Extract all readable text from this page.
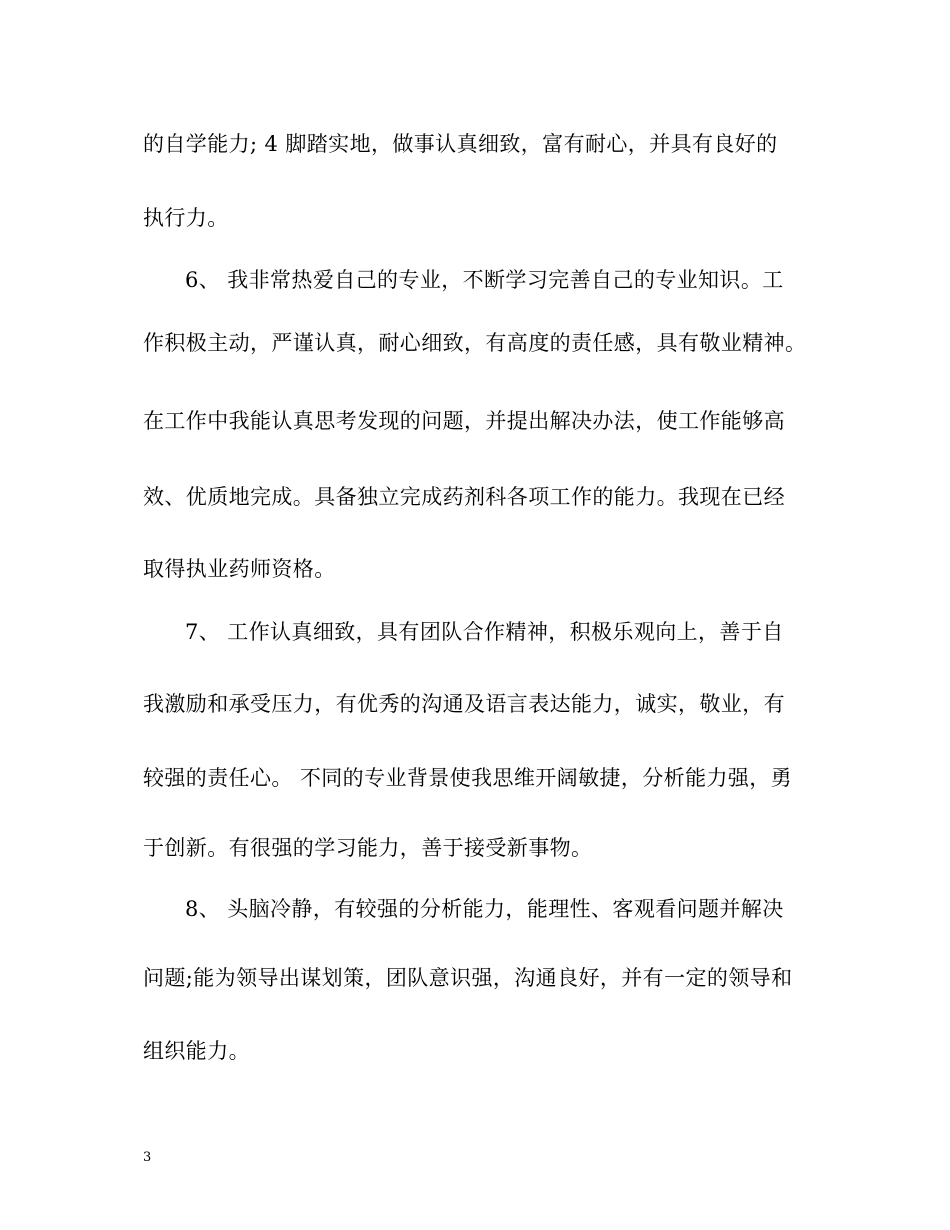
的自学能力; 4 脚踏实地，做事认真细致，富有耐心，并具有良好的
执行力。
6、 我非常热爱自己的专业，不断学习完善自己的专业知识。工
作积极主动，严谨认真，耐心细致，有高度的责任感，具有敬业精神。
在工作中我能认真思考发现的问题，并提出解决办法，使工作能够高
效、优质地完成。具备独立完成药剂科各项工作的能力。我现在已经
取得执业药师资格。
7、 工作认真细致，具有团队合作精神，积极乐观向上，善于自
我激励和承受压力，有优秀的沟通及语言表达能力，诚实，敬业，有
较强的责任心。 不同的专业背景使我思维开阔敏捷，分析能力强，勇
于创新。有很强的学习能力，善于接受新事物。
8、 头脑冷静，有较强的分析能力，能理性、客观看问题并解决
问题;能为领导出谋划策，团队意识强，沟通良好，并有一定的领导和
组织能力。
3
